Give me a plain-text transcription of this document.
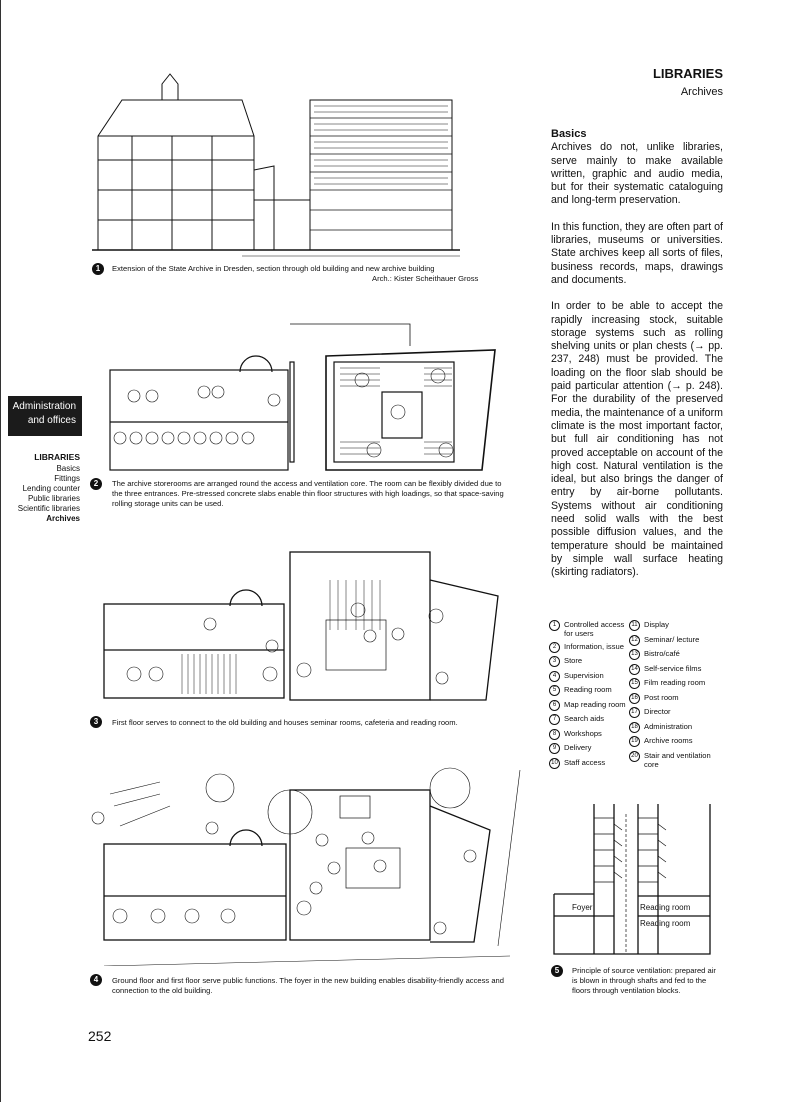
LIBRARIES
Archives
Administration
and offices
LIBRARIES
Basics
Fittings
Lending counter
Public libraries
Scientific libraries
Archives
1	Extension of the State Archive in Dresden, section through old building and new archive building
Arch.: Kister Scheithauer Gross
2	The archive storerooms are arranged round the access and ventilation core. The room can be flexibly divided due to the three entrances. Pre-stressed concrete slabs enable thin floor structures with high loadings, so that space-saving rolling storage units can be used.
3	First floor serves to connect to the old building and houses seminar rooms, cafeteria and reading room.
4	Ground floor and first floor serve public functions. The foyer in the new building enables disability-friendly access and connection to the old building.
Basics

Archives do not, unlike libraries, serve mainly to make available written, graphic and audio media, but for their systematic cataloguing and long-term preservation.

In this function, they are often part of libraries, museums or universities. State archives keep all sorts of files, business records, maps, drawings and documents.

In order to be able to accept the rapidly increasing stock, suitable storage systems such as rolling shelving units or plan chests (→ pp. 237, 248) must be provided. The loading on the floor slab should be paid particular attention (→ p. 248). For the durability of the preserved media, the maintenance of a uniform climate is the most important factor, but full air conditioning has not proved acceptable on account of the high cost. Natural ventilation is the ideal, but also brings the danger of entry by air-borne pollutants. Systems without air conditioning need solid walls with the best possible diffusion values, and the temperature should be maintained by simple wall surface heating (skirting radiators).

1	Controlled access for users
2	Information, issue
3	Store
4	Supervision
5	Reading room
6	Map reading room
7	Search aids
8	Workshops
9	Delivery
10 Staff access
11 Display
12 Seminar/ lecture
13 Bistro/café
14 Self-service films
15 Film reading room
16 Post room
17 Director
18 Administration
19 Archive rooms
20 Stair and ventilation core
Foyer	Reading room
Reading room
5	Principle of source ventilation: prepared air is blown in through shafts and fed to the floors through ventilation blocks.
252
